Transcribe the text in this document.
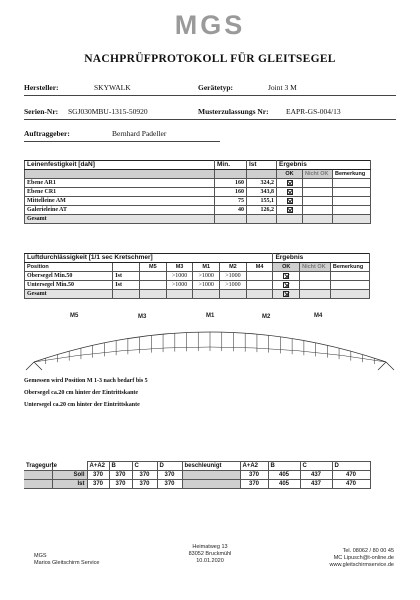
MGS
NACHPRÜFPROTOKOLL FÜR GLEITSEGEL
Hersteller:	SKYWALK	Gerätetyp:	Joint 3 M
Serien-Nr: SGJ030MBU-1315-50920	Musterzulassungs Nr: EAPR-GS-004/13
Auftraggeber:	Bernhard Padeller
Leinenfestigkeit [daN]	Min.	Ist	Ergebnis		
			OK	Nicht OK	Bemerkung
Ebene AR1	160	324,2			
Ebene CR1	160	343,8			
Mittelleine AM	75	155,1			
Galerieleine AT	40	126,2			
Gesamt					
Luftdurchlässigkeit [1/1 sec Kretschmer]							Ergebnis		
Position		M5	M3	M1	M2	M4	OK	Nicht OK	Bemerkung
Obersegel Min.50	Ist		>1000	>1000	>1000				
Untersegel Min.50	Ist		>1000	>1000	>1000				
Gesamt									
M5	M3	M1	M2	M4
Gemessen wird Position M 1-3 nach bedarf bis 5
Obersegel ca.20 cm hinter der Eintrittskante
Untersegel ca.20 cm hinter der Eintrittskante
Tragegurte		A+A2	B	C	D	beschleunigt	A+A2	B	C	D
	Soll	370	370	370	370		370	405	437	470
	Ist	370	370	370	370		370	405	437	470
MGS
Marios Gleitschirm Service
Heimatweg 13
83052 Bruckmühl
10.01.2020
Tel. 08062 / 80 00 45
MC Lipusch@t-online.de
www.gleitschirmservice.de
